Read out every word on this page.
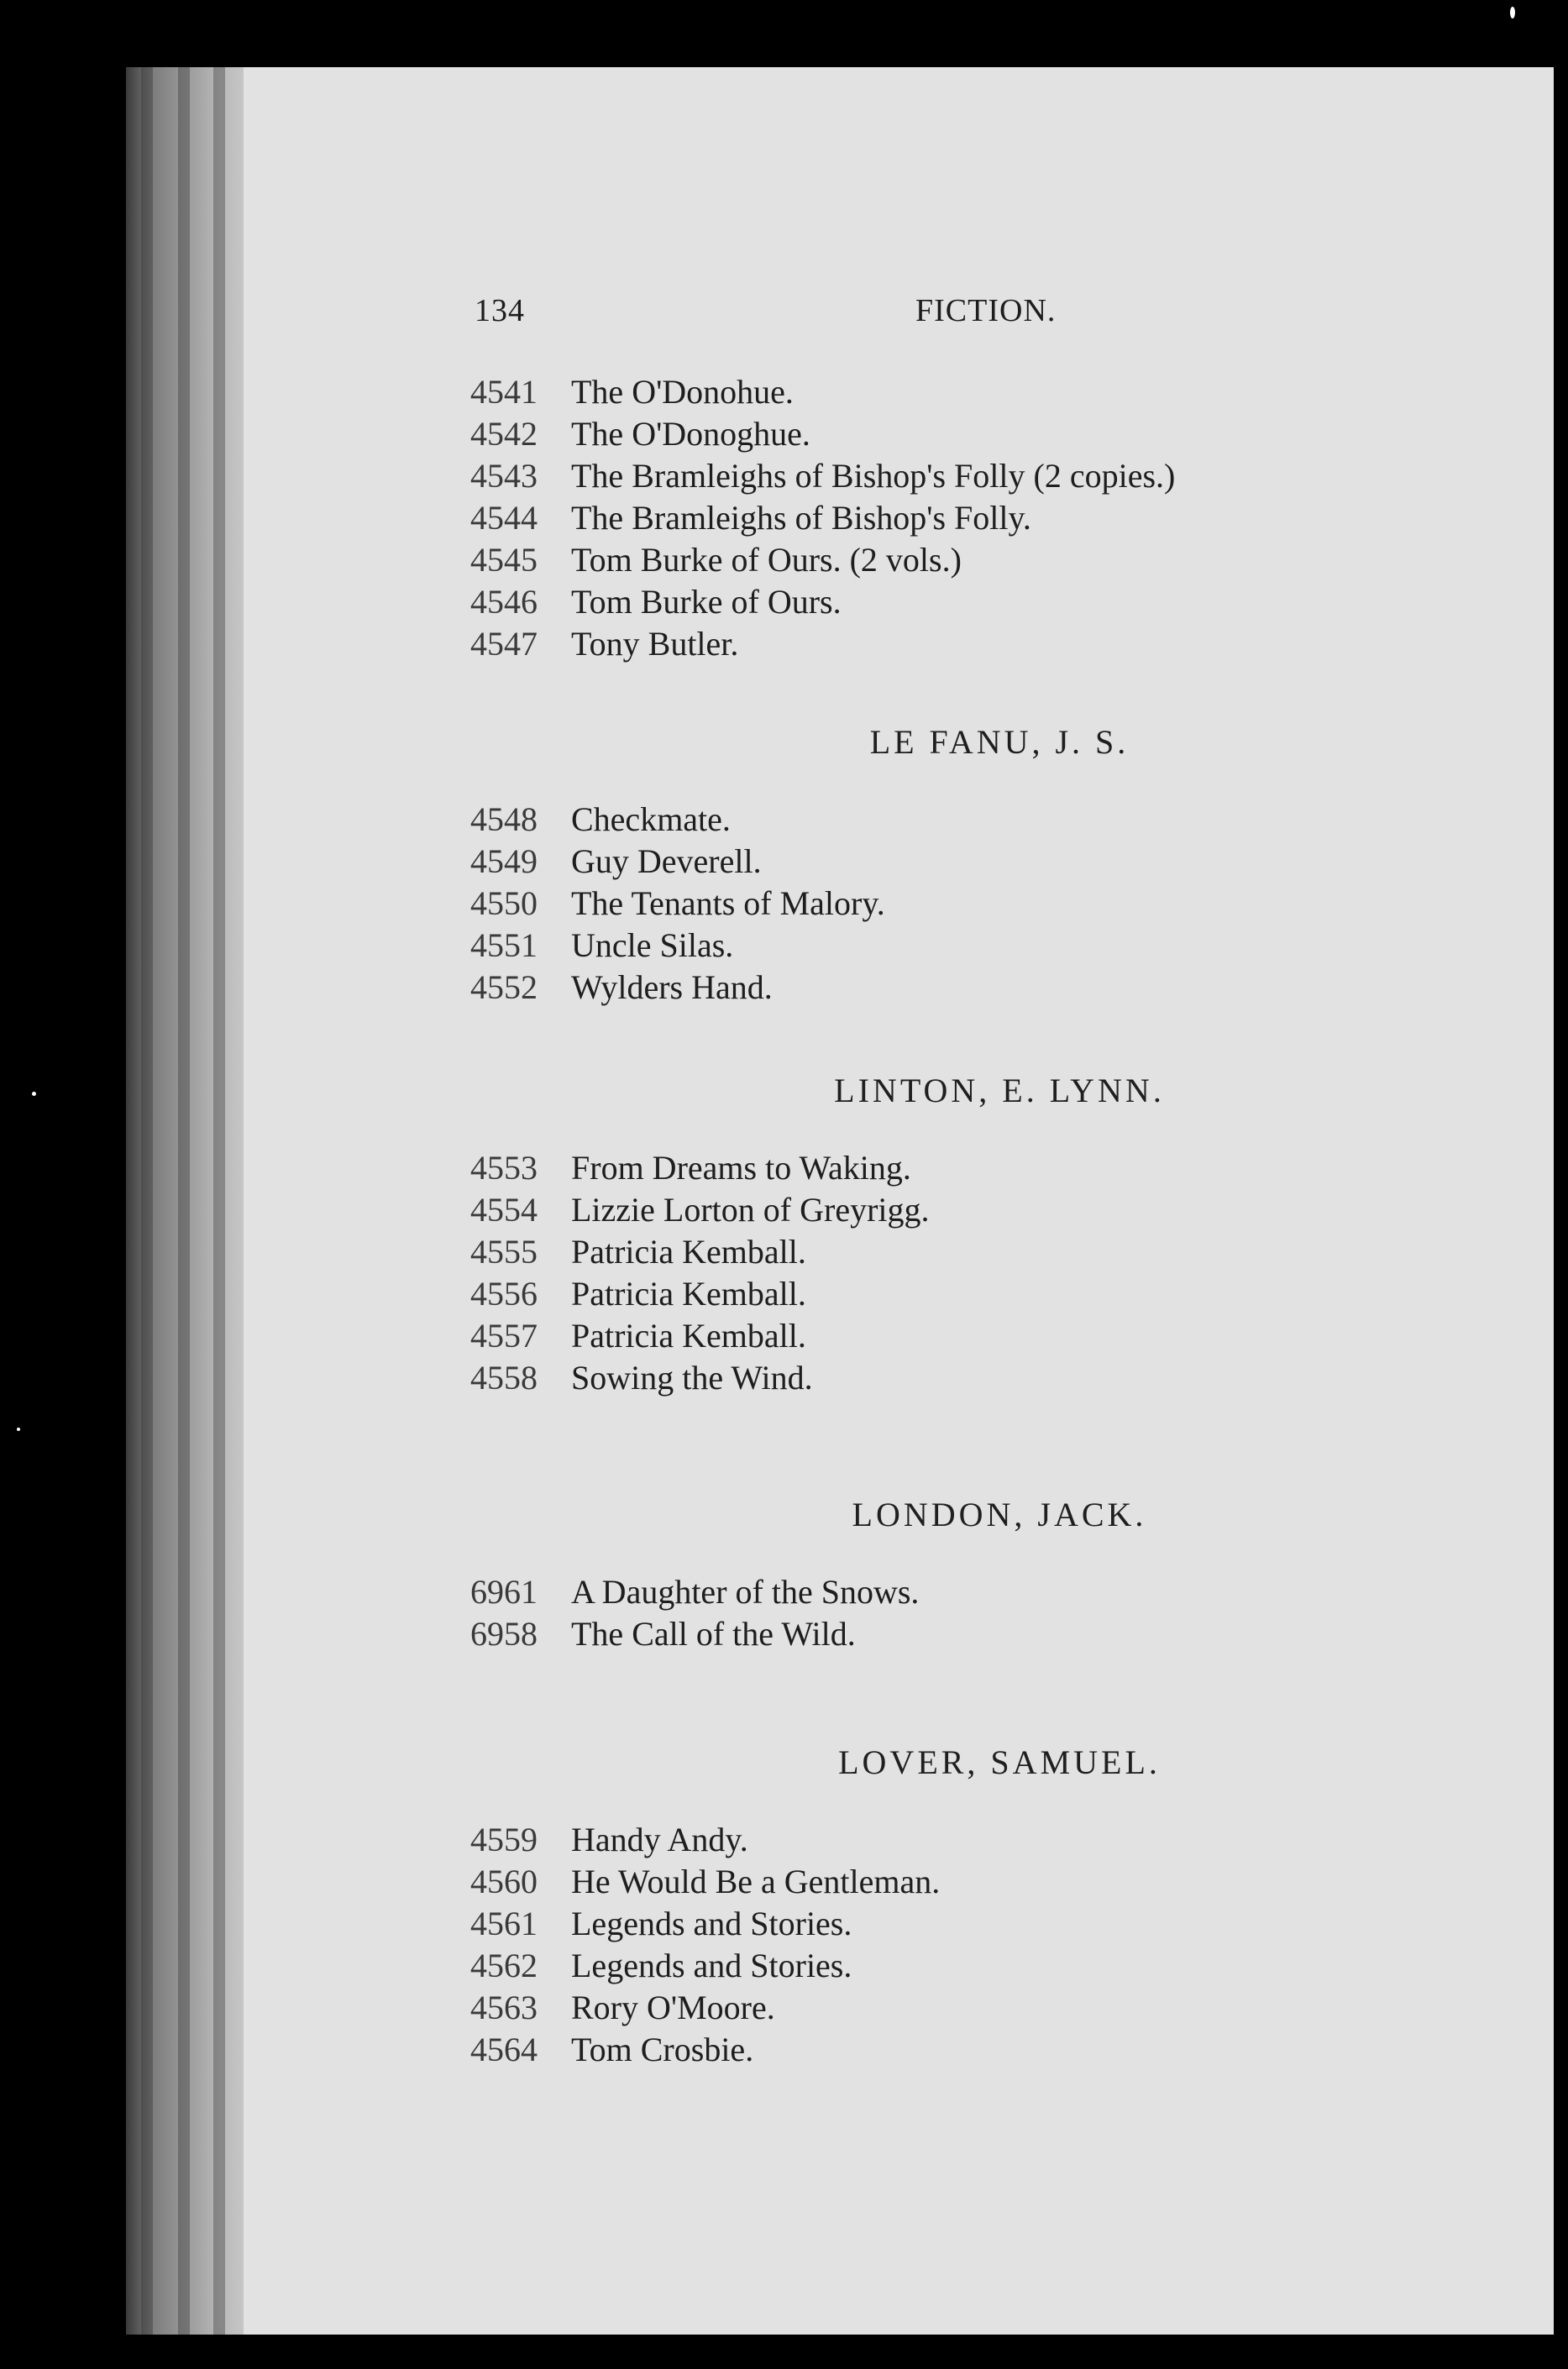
134	FICTION.
4541 The O'Donohue.
4542 The O'Donoghue.
4543 The Bramleighs of Bishop's Folly (2 copies.)
4544 The Bramleighs of Bishop's Folly.
4545 Tom Burke of Ours. (2 vols.)
4546 Tom Burke of Ours.
4547 Tony Butler.
LE FANU, J. S.
4548 Checkmate.
4549 Guy Deverell.
4550 The Tenants of Malory.
4551 Uncle Silas.
4552 Wylders Hand.
LINTON, E. LYNN.
4553 From Dreams to Waking.
4554 Lizzie Lorton of Greyrigg.
4555 Patricia Kemball.
4556 Patricia Kemball.
4557 Patricia Kemball.
4558 Sowing the Wind.
LONDON, JACK.
6961 A Daughter of the Snows.
6958 The Call of the Wild.
LOVER, SAMUEL.
4559 Handy Andy.
4560 He Would Be a Gentleman.
4561 Legends and Stories.
4562 Legends and Stories.
4563 Rory O'Moore.
4564 Tom Crosbie.
